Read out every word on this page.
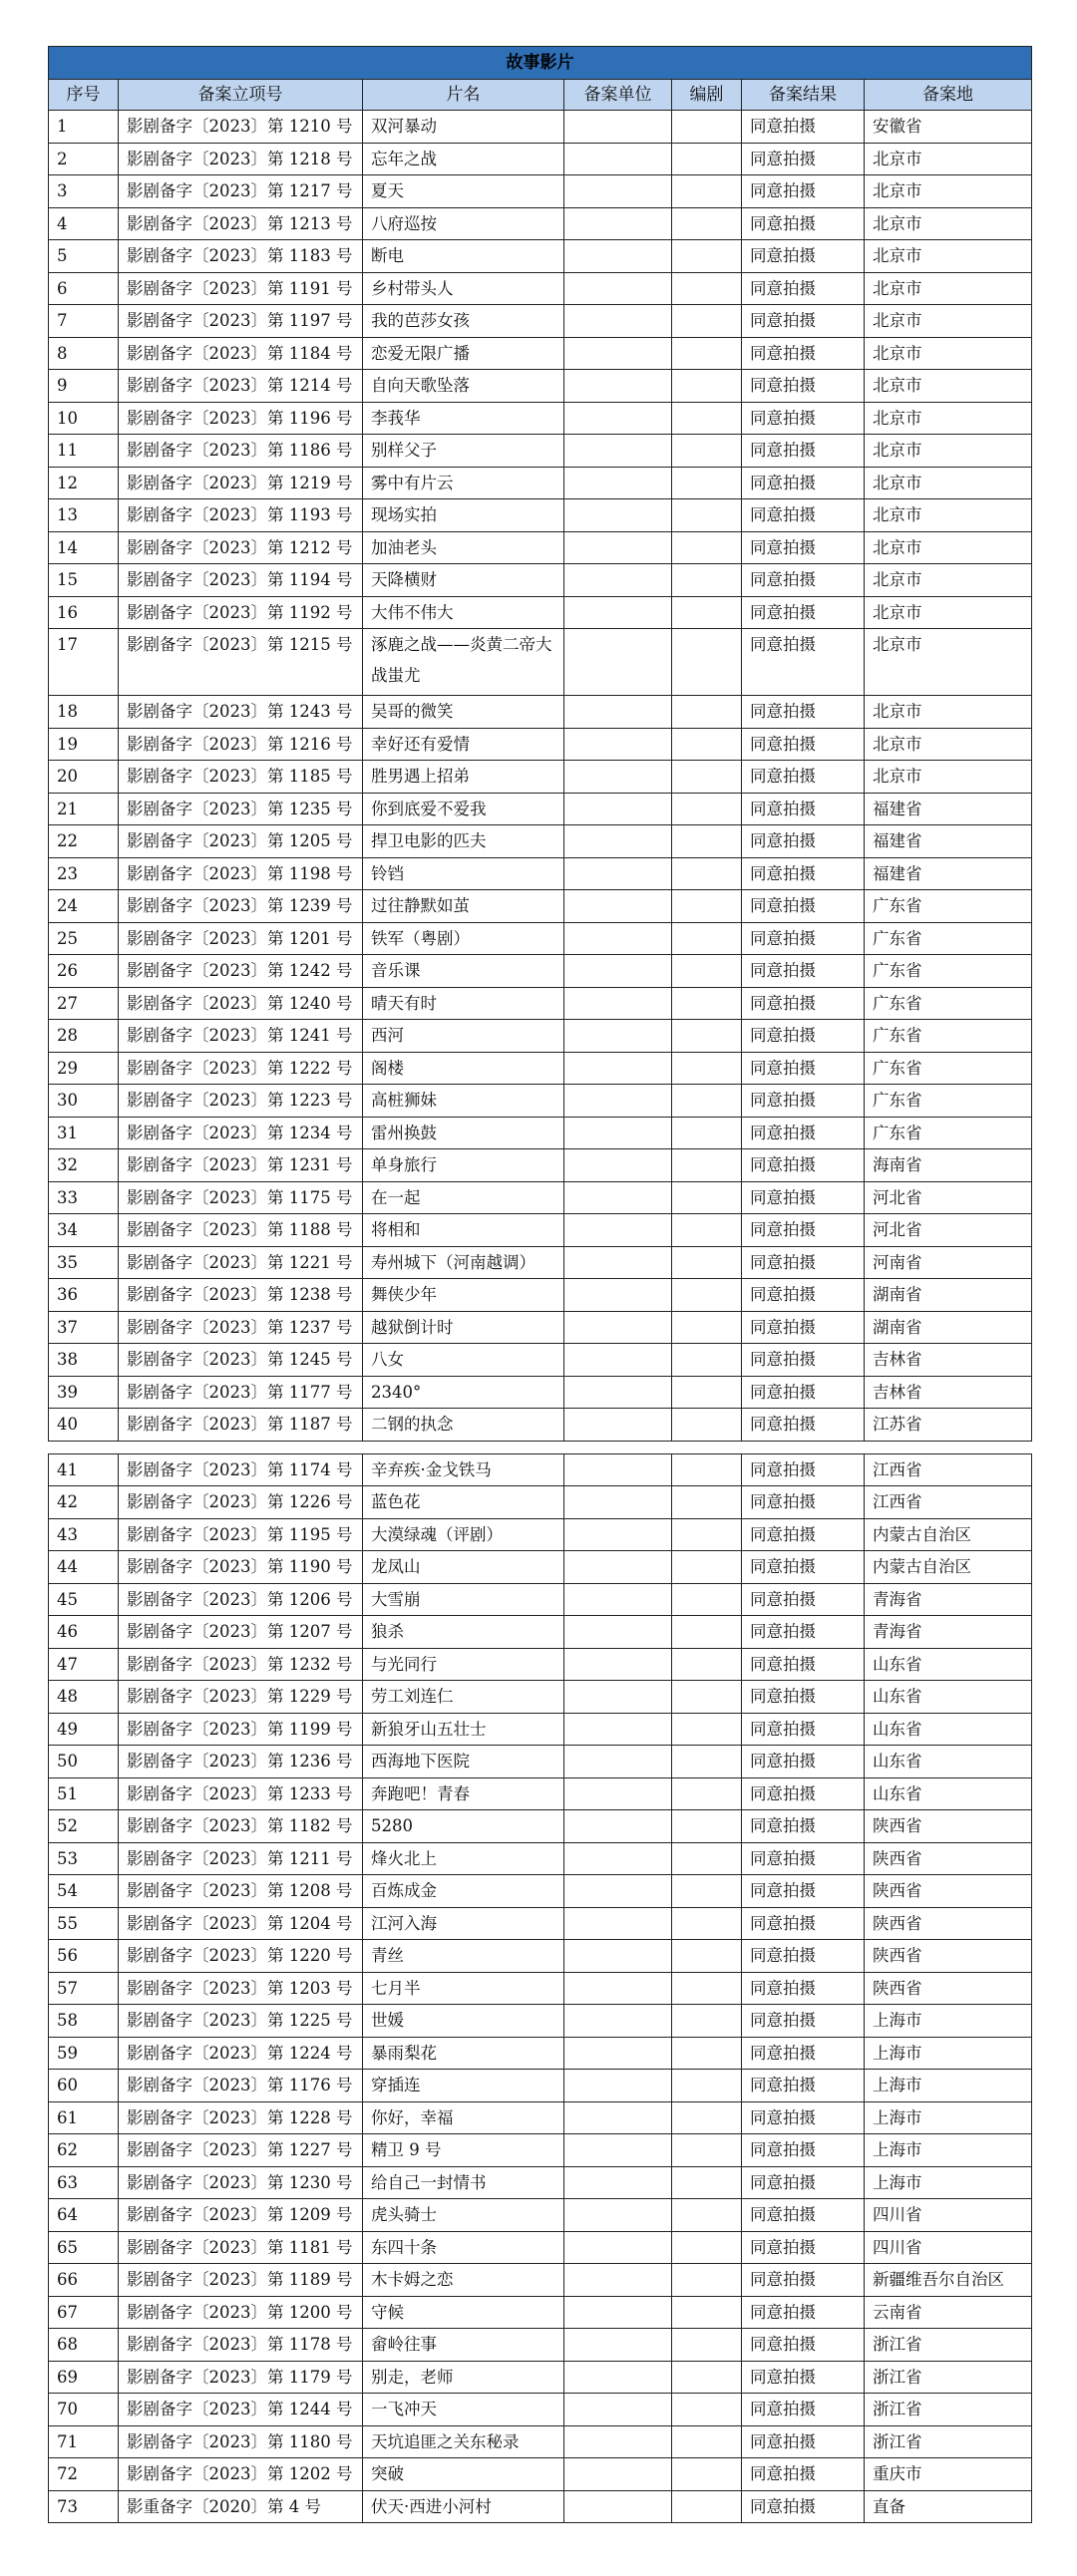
故事影片						
序号	备案立项号	片名	备案单位	编剧	备案结果	备案地
1	影剧备字〔2023〕第 1210 号	双河暴动			同意拍摄	安徽省
2	影剧备字〔2023〕第 1218 号	忘年之战			同意拍摄	北京市
3	影剧备字〔2023〕第 1217 号	夏天			同意拍摄	北京市
4	影剧备字〔2023〕第 1213 号	八府巡按			同意拍摄	北京市
5	影剧备字〔2023〕第 1183 号	断电			同意拍摄	北京市
6	影剧备字〔2023〕第 1191 号	乡村带头人			同意拍摄	北京市
7	影剧备字〔2023〕第 1197 号	我的芭莎女孩			同意拍摄	北京市
8	影剧备字〔2023〕第 1184 号	恋爱无限广播			同意拍摄	北京市
9	影剧备字〔2023〕第 1214 号	自向天歌坠落			同意拍摄	北京市
10	影剧备字〔2023〕第 1196 号	李莪华			同意拍摄	北京市
11	影剧备字〔2023〕第 1186 号	别样父子			同意拍摄	北京市
12	影剧备字〔2023〕第 1219 号	雾中有片云			同意拍摄	北京市
13	影剧备字〔2023〕第 1193 号	现场实拍			同意拍摄	北京市
14	影剧备字〔2023〕第 1212 号	加油老头			同意拍摄	北京市
15	影剧备字〔2023〕第 1194 号	天降横财			同意拍摄	北京市
16	影剧备字〔2023〕第 1192 号	大伟不伟大			同意拍摄	北京市
17	影剧备字〔2023〕第 1215 号	涿鹿之战——炎黄二帝大战蚩尤			同意拍摄	北京市
18	影剧备字〔2023〕第 1243 号	吴哥的微笑			同意拍摄	北京市
19	影剧备字〔2023〕第 1216 号	幸好还有爱情			同意拍摄	北京市
20	影剧备字〔2023〕第 1185 号	胜男遇上招弟			同意拍摄	北京市
21	影剧备字〔2023〕第 1235 号	你到底爱不爱我			同意拍摄	福建省
22	影剧备字〔2023〕第 1205 号	捍卫电影的匹夫			同意拍摄	福建省
23	影剧备字〔2023〕第 1198 号	铃铛			同意拍摄	福建省
24	影剧备字〔2023〕第 1239 号	过往静默如茧			同意拍摄	广东省
25	影剧备字〔2023〕第 1201 号	铁军（粤剧）			同意拍摄	广东省
26	影剧备字〔2023〕第 1242 号	音乐课			同意拍摄	广东省
27	影剧备字〔2023〕第 1240 号	晴天有时			同意拍摄	广东省
28	影剧备字〔2023〕第 1241 号	西河			同意拍摄	广东省
29	影剧备字〔2023〕第 1222 号	阁楼			同意拍摄	广东省
30	影剧备字〔2023〕第 1223 号	高桩狮妹			同意拍摄	广东省
31	影剧备字〔2023〕第 1234 号	雷州换鼓			同意拍摄	广东省
32	影剧备字〔2023〕第 1231 号	单身旅行			同意拍摄	海南省
33	影剧备字〔2023〕第 1175 号	在一起			同意拍摄	河北省
34	影剧备字〔2023〕第 1188 号	将相和			同意拍摄	河北省
35	影剧备字〔2023〕第 1221 号	寿州城下（河南越调）			同意拍摄	河南省
36	影剧备字〔2023〕第 1238 号	舞侠少年			同意拍摄	湖南省
37	影剧备字〔2023〕第 1237 号	越狱倒计时			同意拍摄	湖南省
38	影剧备字〔2023〕第 1245 号	八女			同意拍摄	吉林省
39	影剧备字〔2023〕第 1177 号	2340°			同意拍摄	吉林省
40	影剧备字〔2023〕第 1187 号	二钢的执念			同意拍摄	江苏省

41	影剧备字〔2023〕第 1174 号	辛弃疾·金戈铁马			同意拍摄	江西省
42	影剧备字〔2023〕第 1226 号	蓝色花			同意拍摄	江西省
43	影剧备字〔2023〕第 1195 号	大漠绿魂（评剧）			同意拍摄	内蒙古自治区
44	影剧备字〔2023〕第 1190 号	龙凤山			同意拍摄	内蒙古自治区
45	影剧备字〔2023〕第 1206 号	大雪崩			同意拍摄	青海省
46	影剧备字〔2023〕第 1207 号	狼杀			同意拍摄	青海省
47	影剧备字〔2023〕第 1232 号	与光同行			同意拍摄	山东省
48	影剧备字〔2023〕第 1229 号	劳工刘连仁			同意拍摄	山东省
49	影剧备字〔2023〕第 1199 号	新狼牙山五壮士			同意拍摄	山东省
50	影剧备字〔2023〕第 1236 号	西海地下医院			同意拍摄	山东省
51	影剧备字〔2023〕第 1233 号	奔跑吧！青春			同意拍摄	山东省
52	影剧备字〔2023〕第 1182 号	5280			同意拍摄	陕西省
53	影剧备字〔2023〕第 1211 号	烽火北上			同意拍摄	陕西省
54	影剧备字〔2023〕第 1208 号	百炼成金			同意拍摄	陕西省
55	影剧备字〔2023〕第 1204 号	江河入海			同意拍摄	陕西省
56	影剧备字〔2023〕第 1220 号	青丝			同意拍摄	陕西省
57	影剧备字〔2023〕第 1203 号	七月半			同意拍摄	陕西省
58	影剧备字〔2023〕第 1225 号	世媛			同意拍摄	上海市
59	影剧备字〔2023〕第 1224 号	暴雨梨花			同意拍摄	上海市
60	影剧备字〔2023〕第 1176 号	穿插连			同意拍摄	上海市
61	影剧备字〔2023〕第 1228 号	你好，幸福			同意拍摄	上海市
62	影剧备字〔2023〕第 1227 号	精卫 9 号			同意拍摄	上海市
63	影剧备字〔2023〕第 1230 号	给自己一封情书			同意拍摄	上海市
64	影剧备字〔2023〕第 1209 号	虎头骑士			同意拍摄	四川省
65	影剧备字〔2023〕第 1181 号	东四十条			同意拍摄	四川省
66	影剧备字〔2023〕第 1189 号	木卡姆之恋			同意拍摄	新疆维吾尔自治区
67	影剧备字〔2023〕第 1200 号	守候			同意拍摄	云南省
68	影剧备字〔2023〕第 1178 号	畲岭往事			同意拍摄	浙江省
69	影剧备字〔2023〕第 1179 号	别走，老师			同意拍摄	浙江省
70	影剧备字〔2023〕第 1244 号	一飞冲天			同意拍摄	浙江省
71	影剧备字〔2023〕第 1180 号	天坑追匪之关东秘录			同意拍摄	浙江省
72	影剧备字〔2023〕第 1202 号	突破			同意拍摄	重庆市
73	影重备字〔2020〕第 4 号	伏天·西进小河村			同意拍摄	直备
